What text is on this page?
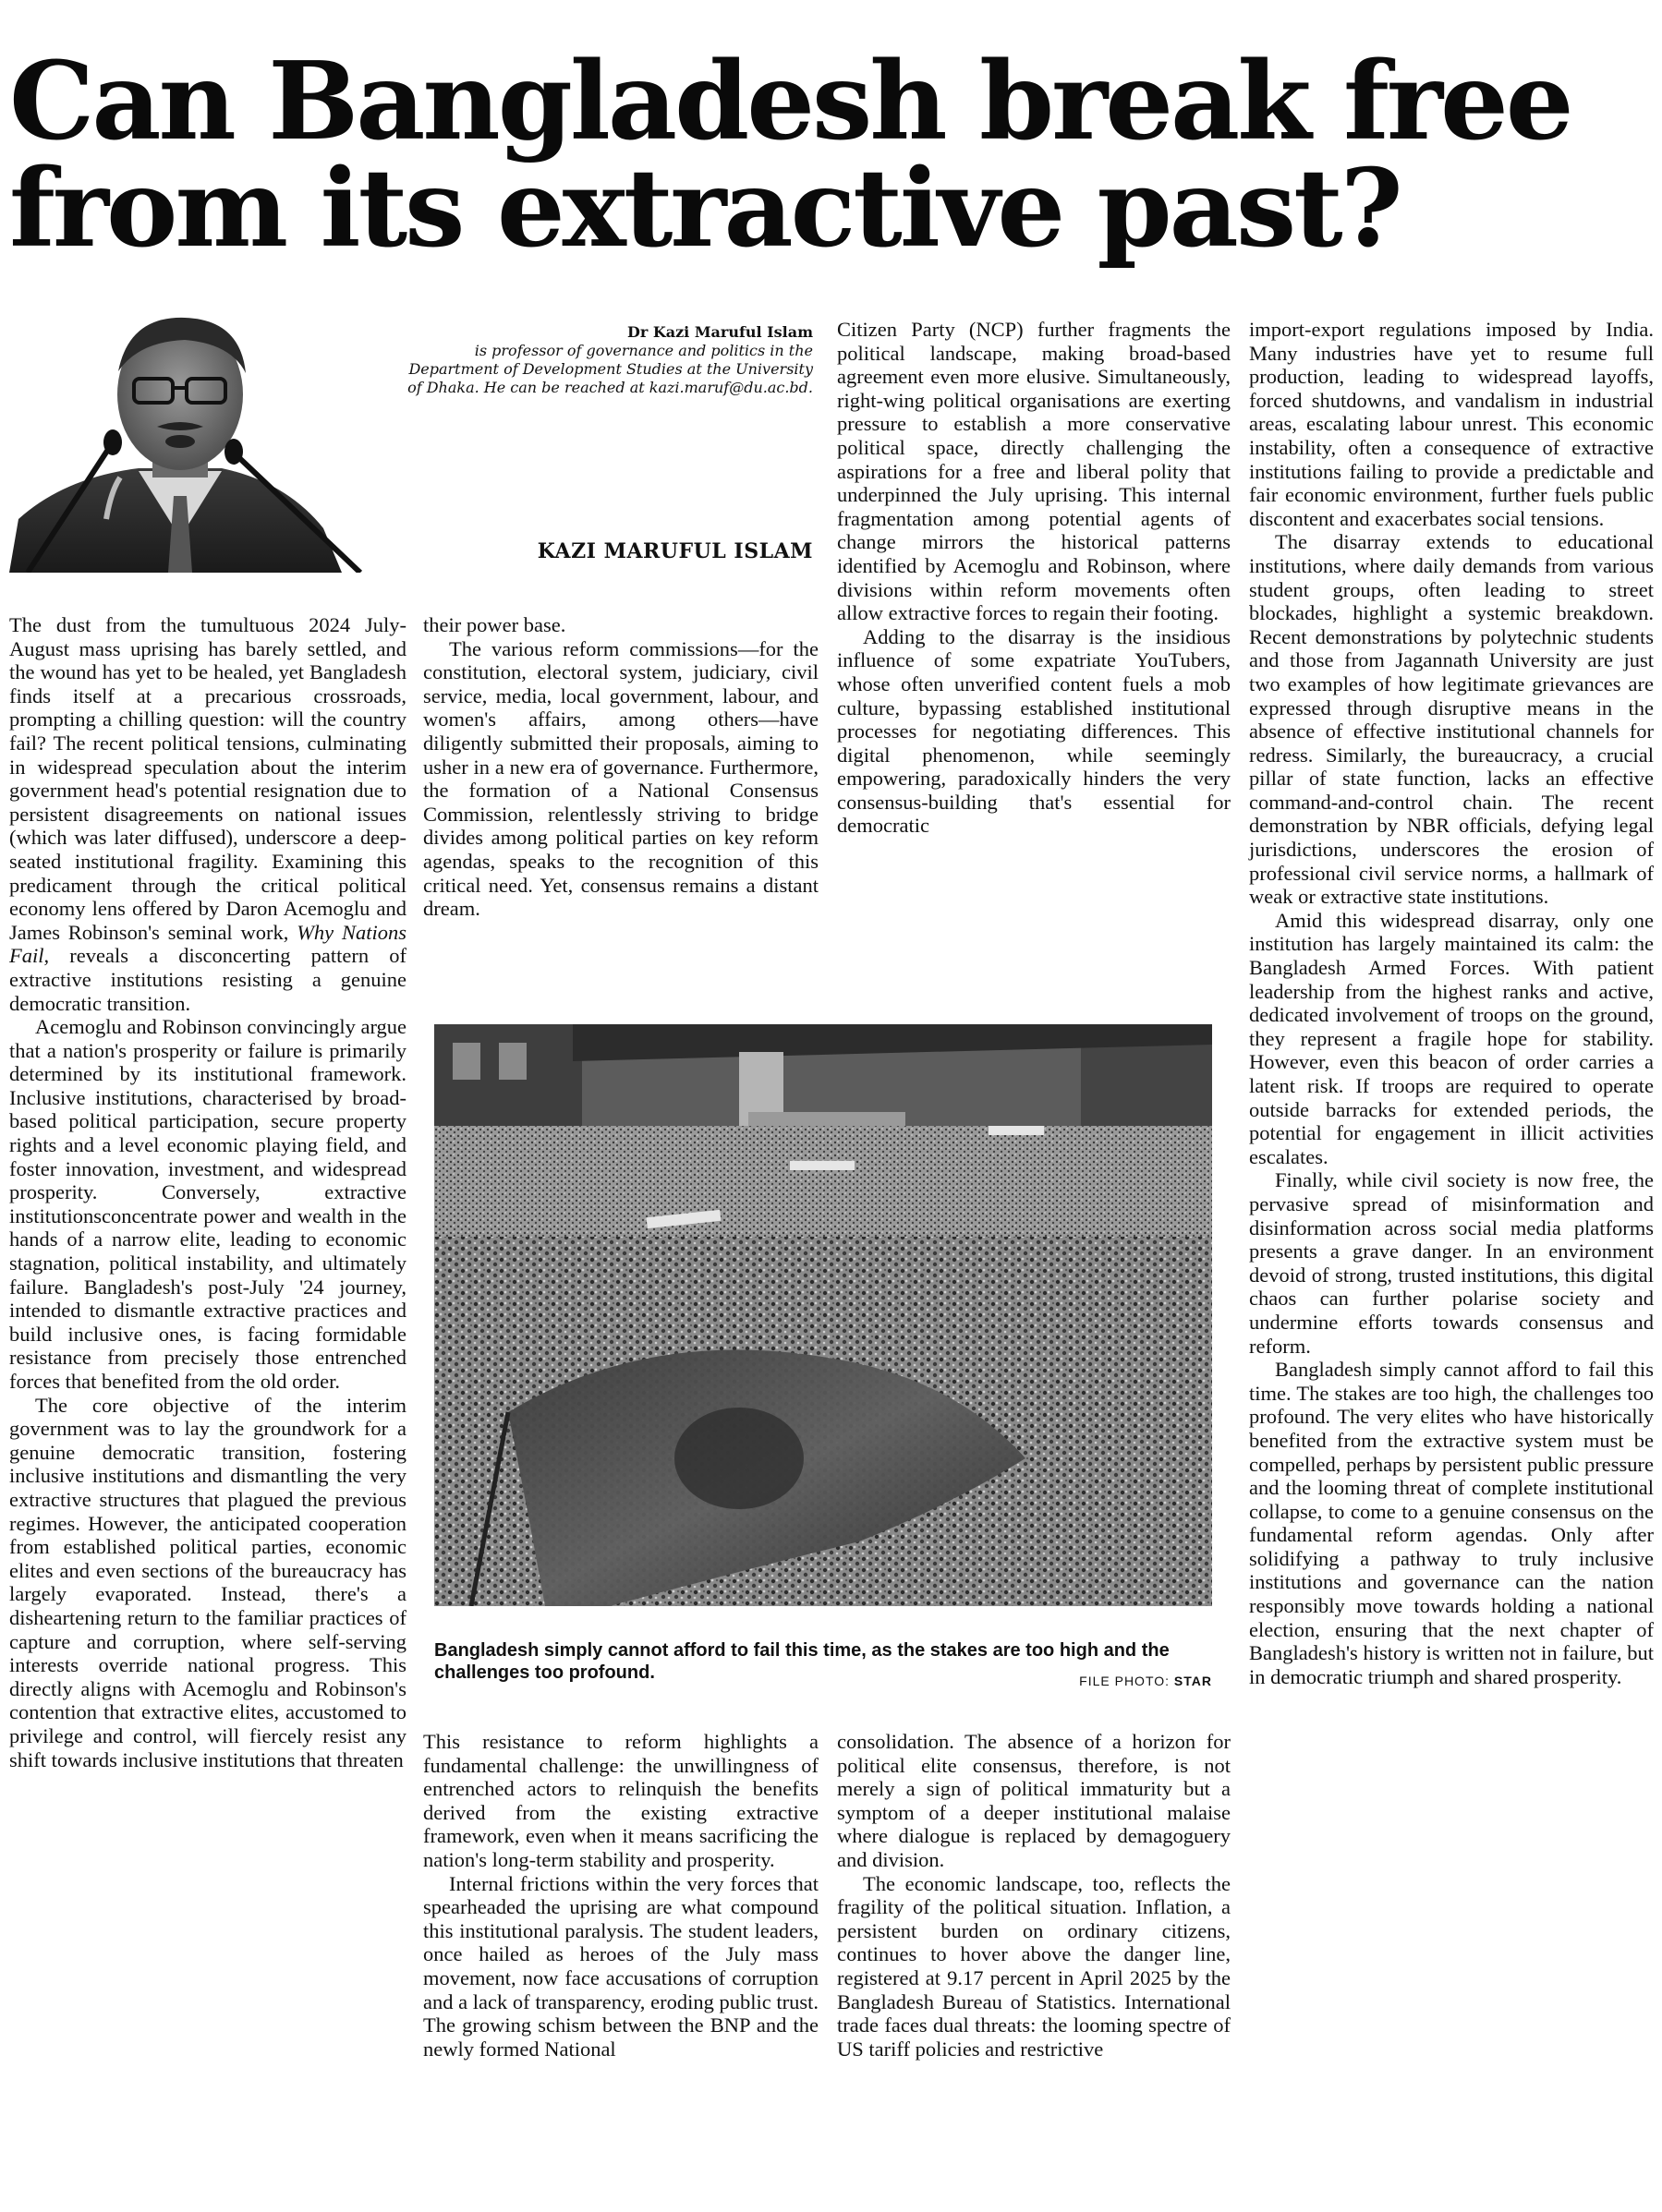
Can Bangladesh break free
from its extractive past?
Dr Kazi Maruful Islam
is professor of governance and politics in the Department of Development Studies at the University of Dhaka. He can be reached at kazi.maruf@du.ac.bd.
KAZI MARUFUL ISLAM

The dust from the tumultuous 2024 July-August mass uprising has barely settled, and the wound has yet to be healed, yet Bangladesh finds itself at a precarious crossroads, prompting a chilling question: will the country fail? The recent political tensions, culminating in widespread speculation about the interim government head's potential resignation due to persistent disagreements on national issues (which was later diffused), underscore a deep-seated institutional fragility. Examining this predicament through the critical political economy lens offered by Daron Acemoglu and James Robinson's seminal work, Why Nations Fail, reveals a disconcerting pattern of extractive institutions resisting a genuine democratic transition.

Acemoglu and Robinson convincingly argue that a nation's prosperity or failure is primarily determined by its institutional framework. Inclusive institutions, characterised by broad-based political participation, secure property rights and a level economic playing field, and foster innovation, investment, and widespread prosperity. Conversely, extractive institutionsconcentrate power and wealth in the hands of a narrow elite, leading to economic stagnation, political instability, and ultimately failure. Bangladesh's post-July '24 journey, intended to dismantle extractive practices and build inclusive ones, is facing formidable resistance from precisely those entrenched forces that benefited from the old order.

The core objective of the interim government was to lay the groundwork for a genuine democratic transition, fostering inclusive institutions and dismantling the very extractive structures that plagued the previous regimes. However, the anticipated cooperation from established political parties, economic elites and even sections of the bureaucracy has largely evaporated. Instead, there's a disheartening return to the familiar practices of capture and corruption, where self-serving interests override national progress. This directly aligns with Acemoglu and Robinson's contention that extractive elites, accustomed to privilege and control, will fiercely resist any shift towards inclusive institutions that threaten

their power base.

The various reform commissions—for the constitution, electoral system, judiciary, civil service, media, local government, labour, and women's affairs, among others—have diligently submitted their proposals, aiming to usher in a new era of governance. Furthermore, the formation of a National Consensus Commission, relentlessly striving to bridge divides among political parties on key reform agendas, speaks to the recognition of this critical need. Yet, consensus remains a distant dream.

Citizen Party (NCP) further fragments the political landscape, making broad-based agreement even more elusive. Simultaneously, right-wing political organisations are exerting pressure to establish a more conservative political space, directly challenging the aspirations for a free and liberal polity that underpinned the July uprising. This internal fragmentation among potential agents of change mirrors the historical patterns identified by Acemoglu and Robinson, where divisions within reform movements often allow extractive forces to regain their footing.

Adding to the disarray is the insidious influence of some expatriate YouTubers, whose often unverified content fuels a mob culture, bypassing established institutional processes for negotiating differences. This digital phenomenon, while seemingly empowering, paradoxically hinders the very consensus-building that's essential for democratic

import-export regulations imposed by India. Many industries have yet to resume full production, leading to widespread layoffs, forced shutdowns, and vandalism in industrial areas, escalating labour unrest. This economic instability, often a consequence of extractive institutions failing to provide a predictable and fair economic environment, further fuels public discontent and exacerbates social tensions.

The disarray extends to educational institutions, where daily demands from various student groups, often leading to street blockades, highlight a systemic breakdown. Recent demonstrations by polytechnic students and those from Jagannath University are just two examples of how legitimate grievances are expressed through disruptive means in the absence of effective institutional channels for redress. Similarly, the bureaucracy, a crucial pillar of state function, lacks an effective command-and-control chain. The recent demonstration by NBR officials, defying legal jurisdictions, underscores the erosion of professional civil service norms, a hallmark of weak or extractive state institutions.

Amid this widespread disarray, only one institution has largely maintained its calm: the Bangladesh Armed Forces. With patient leadership from the highest ranks and active, dedicated involvement of troops on the ground, they represent a fragile hope for stability. However, even this beacon of order carries a latent risk. If troops are required to operate outside barracks for extended periods, the potential for engagement in illicit activities escalates.

Finally, while civil society is now free, the pervasive spread of misinformation and disinformation across social media platforms presents a grave danger. In an environment devoid of strong, trusted institutions, this digital chaos can further polarise society and undermine efforts towards consensus and reform.

Bangladesh simply cannot afford to fail this time. The stakes are too high, the challenges too profound. The very elites who have historically benefited from the extractive system must be compelled, perhaps by persistent public pressure and the looming threat of complete institutional collapse, to come to a genuine consensus on the fundamental reform agendas. Only after solidifying a pathway to truly inclusive institutions and governance can the nation responsibly move towards holding a national election, ensuring that the next chapter of Bangladesh's history is written not in failure, but in democratic triumph and shared prosperity.

Bangladesh simply cannot afford to fail this time, as the stakes are too high and the challenges too profound.	FILE PHOTO: STAR

This resistance to reform highlights a fundamental challenge: the unwillingness of entrenched actors to relinquish the benefits derived from the existing extractive framework, even when it means sacrificing the nation's long-term stability and prosperity.

Internal frictions within the very forces that spearheaded the uprising are what compound this institutional paralysis. The student leaders, once hailed as heroes of the July mass movement, now face accusations of corruption and a lack of transparency, eroding public trust. The growing schism between the BNP and the newly formed National

consolidation. The absence of a horizon for political elite consensus, therefore, is not merely a sign of political immaturity but a symptom of a deeper institutional malaise where dialogue is replaced by demagoguery and division.

The economic landscape, too, reflects the fragility of the political situation. Inflation, a persistent burden on ordinary citizens, continues to hover above the danger line, registered at 9.17 percent in April 2025 by the Bangladesh Bureau of Statistics. International trade faces dual threats: the looming spectre of US tariff policies and restrictive
